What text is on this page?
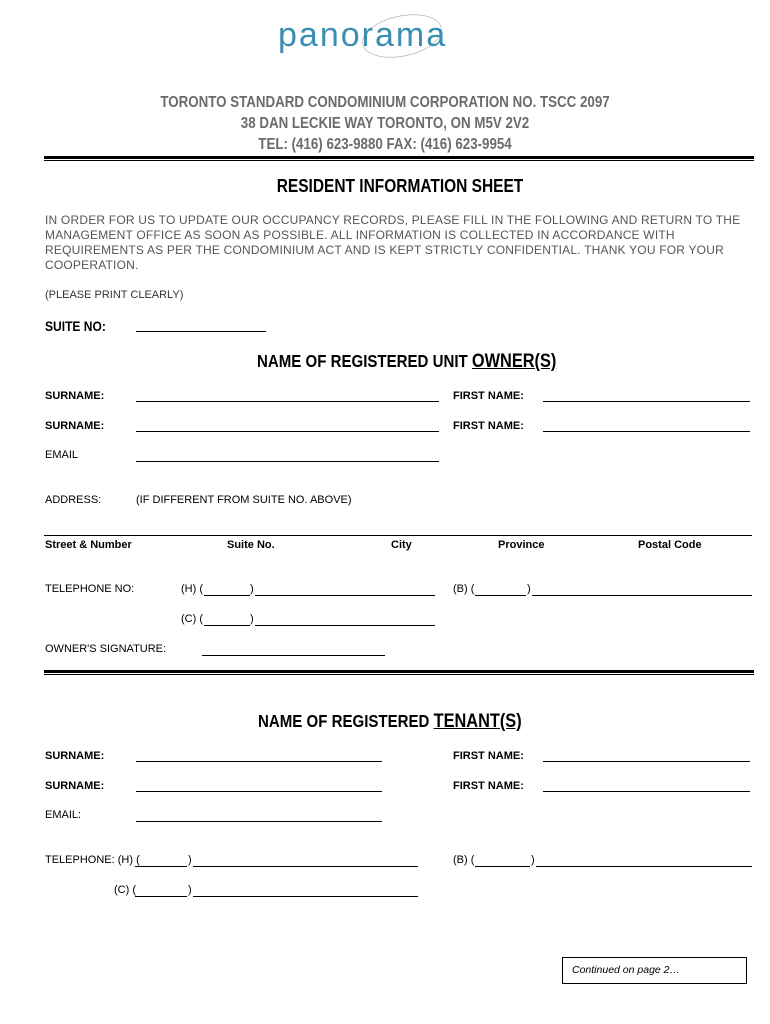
panorama
TORONTO STANDARD CONDOMINIUM CORPORATION NO. TSCC 2097
38 DAN LECKIE WAY TORONTO, ON M5V 2V2
TEL: (416) 623-9880 FAX: (416) 623-9954
RESIDENT INFORMATION SHEET
IN ORDER FOR US TO UPDATE OUR OCCUPANCY RECORDS, PLEASE FILL IN THE FOLLOWING AND RETURN TO THE MANAGEMENT OFFICE AS SOON AS POSSIBLE. ALL INFORMATION IS COLLECTED IN ACCORDANCE WITH REQUIREMENTS AS PER THE CONDOMINIUM ACT AND IS KEPT STRICTLY CONFIDENTIAL. THANK YOU FOR YOUR COOPERATION.
(PLEASE PRINT CLEARLY)
SUITE NO:
NAME OF REGISTERED UNIT OWNER(S)
SURNAME:	FIRST NAME:
SURNAME:	FIRST NAME:
EMAIL
ADDRESS:	(IF DIFFERENT FROM SUITE NO. ABOVE)
Street & Number	Suite No.	City	Province	Postal Code
TELEPHONE NO:	(H) (	)	(B) (	)
(C) (	)
OWNER'S SIGNATURE:
NAME OF REGISTERED TENANT(S)
SURNAME:	FIRST NAME:
SURNAME:	FIRST NAME:
EMAIL:
TELEPHONE: (H) (	)	(B) (	)
(C) (	)
Continued on page 2…
